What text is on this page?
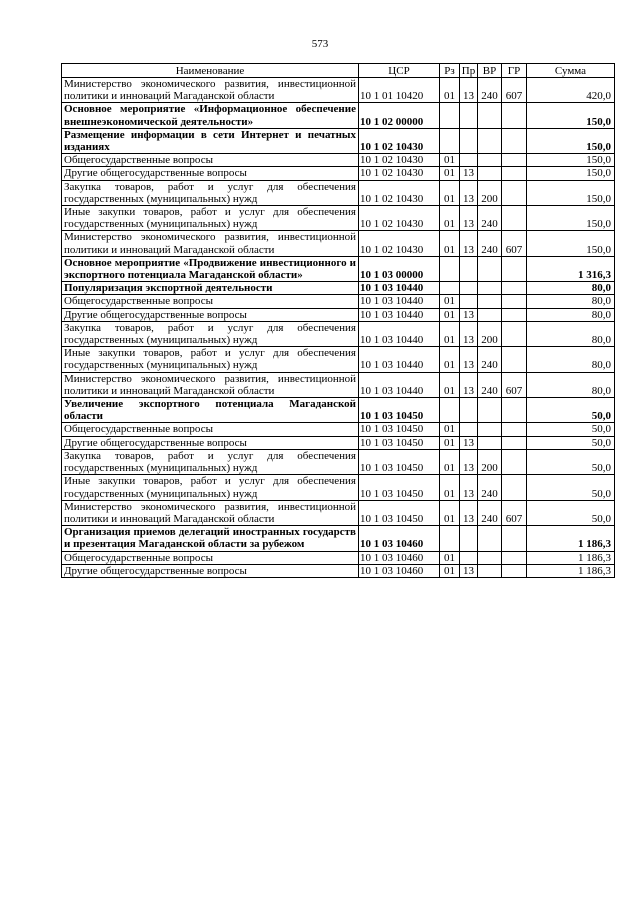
573
Наименование	ЦСР	Рз	Пр	ВР	ГР	Сумма
Министерство экономического развития, инвестиционной политики и инноваций Магаданской области	10 1 01 10420	01	13	240	607	420,0
Основное мероприятие «Информационное обеспечение внешнеэкономической деятельности»	10 1 02 00000					150,0
Размещение информации в сети Интернет и печатных изданиях	10 1 02 10430					150,0
Общегосударственные вопросы	10 1 02 10430	01				150,0
Другие общегосударственные вопросы	10 1 02 10430	01	13			150,0
Закупка товаров, работ и услуг для обеспечения государственных (муниципальных) нужд	10 1 02 10430	01	13	200		150,0
Иные закупки товаров, работ и услуг для обеспечения государственных (муниципальных) нужд	10 1 02 10430	01	13	240		150,0
Министерство экономического развития, инвестиционной политики и инноваций Магаданской области	10 1 02 10430	01	13	240	607	150,0
Основное мероприятие «Продвижение инвестиционного и экспортного потенциала Магаданской области»	10 1 03 00000					1 316,3
Популяризация экспортной деятельности	10 1 03 10440					80,0
Общегосударственные вопросы	10 1 03 10440	01				80,0
Другие общегосударственные вопросы	10 1 03 10440	01	13			80,0
Закупка товаров, работ и услуг для обеспечения государственных (муниципальных) нужд	10 1 03 10440	01	13	200		80,0
Иные закупки товаров, работ и услуг для обеспечения государственных (муниципальных) нужд	10 1 03 10440	01	13	240		80,0
Министерство экономического развития, инвестиционной политики и инноваций Магаданской области	10 1 03 10440	01	13	240	607	80,0
Увеличение экспортного потенциала Магаданской области	10 1 03 10450					50,0
Общегосударственные вопросы	10 1 03 10450	01				50,0
Другие общегосударственные вопросы	10 1 03 10450	01	13			50,0
Закупка товаров, работ и услуг для обеспечения государственных (муниципальных) нужд	10 1 03 10450	01	13	200		50,0
Иные закупки товаров, работ и услуг для обеспечения государственных (муниципальных) нужд	10 1 03 10450	01	13	240		50,0
Министерство экономического развития, инвестиционной политики и инноваций Магаданской области	10 1 03 10450	01	13	240	607	50,0
Организация приемов делегаций иностранных государств и презентация Магаданской области за рубежом	10 1 03 10460					1 186,3
Общегосударственные вопросы	10 1 03 10460	01				1 186,3
Другие общегосударственные вопросы	10 1 03 10460	01	13			1 186,3
